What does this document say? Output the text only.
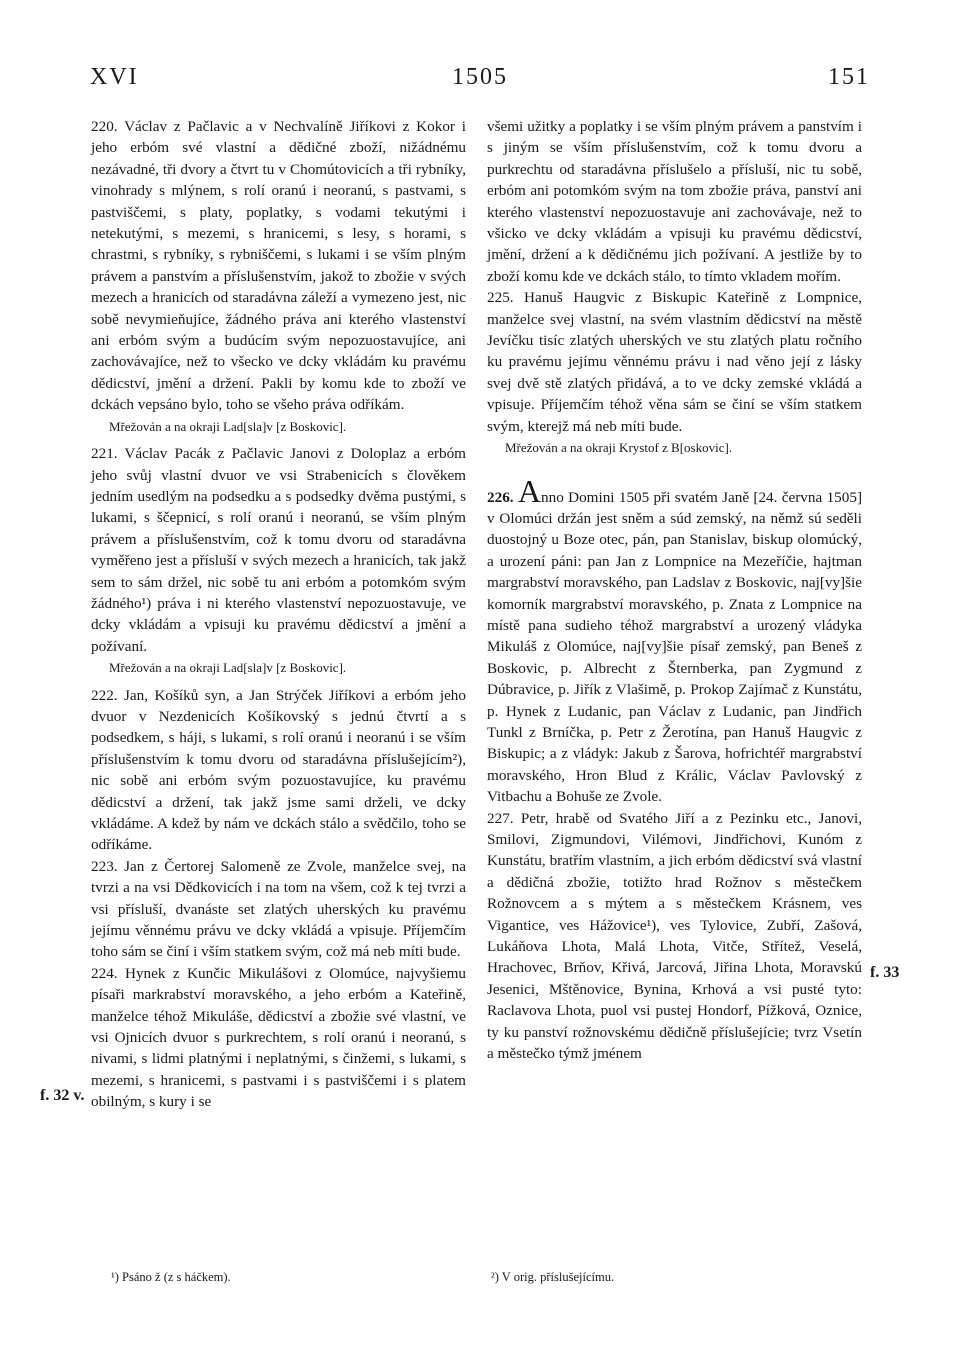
XVI	1505	151

220. Václav z Pačlavic a v Nechvalíně Jiříkovi z Kokor i jeho erbóm své vlastní a dědičné zboží, nižádnému nezávadné, tři dvory a čtvrt tu v Chomútovicích a tři rybníky, vinohrady s mlýnem, s rolí oranú i neoranú, s pastvami, s pastviščemi, s platy, poplatky, s vodami tekutými i netekutými, s mezemi, s hranicemi, s lesy, s horami, s chrastmi, s rybníky, s rybniščemi, s lukami i se vším plným právem a panstvím a příslušenstvím, jakož to zbožie v svých mezech a hranicích od staradávna záleží a vymezeno jest, nic sobě nevymieňujíce, žádného práva ani kterého vlastenství ani erbóm svým a budúcím svým nepozuostavujíce, ani zachovávajíce, než to všecko ve dcky vkládám ku pravému dědicství, jmění a držení. Pakli by komu kde to zboží ve dckách vepsáno bylo, toho se všeho práva odříkám.

Mřežován a na okraji Lad[sla]v [z Boskovic].

221. Václav Pacák z Pačlavic Janovi z Doloplaz a erbóm jeho svůj vlastní dvuor ve vsi Strabenicích s člověkem jedním usedlým na podsedku a s podsedky dvěma pustými, s lukami, s ščepnicí, s rolí oranú i neoranú, se vším plným právem a příslušenstvím, což k tomu dvoru od staradávna vyměřeno jest a přísluší v svých mezech a hranicích, tak jakž sem to sám držel, nic sobě tu ani erbóm a potomkóm svým žádného¹) práva i ni kterého vlastenství nepozuostavuje, ve dcky vkládám a vpisuji ku pravému dědicství a jmění a požívaní.

Mřežován a na okraji Lad[sla]v [z Boskovic].

222. Jan, Košíků syn, a Jan Strýček Jiříkovi a erbóm jeho dvuor v Nezdenicích Košíkovský s jednú čtvrtí a s podsedkem, s háji, s lukami, s rolí oranú i neoranú i se vším příslušenstvím k tomu dvoru od staradávna příslušejícím²), nic sobě ani erbóm svým pozuostavujíce, ku pravému dědicství a držení, tak jakž jsme sami drželi, ve dcky vkládáme. A kdež by nám ve dckách stálo a svědčilo, toho se odříkáme.

223. Jan z Čertorej Salomeně ze Zvole, manželce svej, na tvrzi a na vsi Dědkovicích i na tom na všem, což k tej tvrzi a vsi přísluší, dvanáste set zlatých uherských ku pravému jejímu věnnému právu ve dcky vkládá a vpisuje. Příjemčím toho sám se činí i vším statkem svým, což má neb míti bude.

224. Hynek z Kunčic Mikulášovi z Olomúce, najvyšiemu písaři markrabství moravského, a jeho erbóm a Kateřině, manželce téhož Mikuláše, dědicství a zbožie své vlastní, ve vsi Ojnicích dvuor s purkrechtem, s rolí oranú i neoranú, s nivami, s lidmi platnými i neplatnými, s činžemi, s lukami, s mezemi, s hranicemi, s pastvami i s pastviščemi i s platem obilným, s kury i se

všemi užitky a poplatky i se vším plným právem a panstvím i s jiným se vším příslušenstvím, což k tomu dvoru a purkrechtu od staradávna příslušelo a přísluší, nic tu sobě, erbóm ani potomkóm svým na tom zbožie práva, panství ani kterého vlastenství nepozuostavuje ani zachovávaje, než to všicko ve dcky vkládám a vpisuji ku pravému dědicství, jmění, držení a k dědičnému jich požívaní. A jestliže by to zboží komu kde ve dckách stálo, to tímto vkladem mořím.

225. Hanuš Haugvic z Biskupic Kateřině z Lompnice, manželce svej vlastní, na svém vlastním dědicství na městě Jevíčku tisíc zlatých uherských ve stu zlatých platu ročního ku pravému jejímu věnnému právu i nad věno její z lásky svej dvě stě zlatých přidává, a to ve dcky zemské vkládá a vpisuje. Příjemčím téhož věna sám se činí se vším statkem svým, kterejž má neb míti bude.

Mřežován a na okraji Krystof z B[oskovic].

226. Anno Domini 1505 při svatém Janě [24. června 1505] v Olomúci držán jest sněm a súd zemský, na němž sú seděli duostojný u Boze otec, pán, pan Stanislav, biskup olomúcký, a urození páni: pan Jan z Lompnice na Mezeříčie, hajtman margrabství moravského, pan Ladslav z Boskovic, naj[vy]šie komorník margrabství moravského, p. Znata z Lompnice na místě pana sudieho téhož margrabství a urozený vládyka Mikuláš z Olomúce, naj[vy]šie písař zemský, pan Beneš z Boskovic, p. Albrecht z Šternberka, pan Zygmund z Dúbravice, p. Jiřík z Vlašimě, p. Prokop Zajímač z Kunstátu, p. Hynek z Ludanic, pan Václav z Ludanic, pan Jindřich Tunkl z Brníčka, p. Petr z Žerotína, pan Hanuš Haugvic z Biskupic; a z vládyk: Jakub z Šarova, hofrichtéř margrabství moravského, Hron Blud z Králic, Václav Pavlovský z Vitbachu a Bohuše ze Zvole.

227. Petr, hrabě od Svatého Jiří a z Pezinku etc., Janovi, Smilovi, Zigmundovi, Vilémovi, Jindřichovi, Kunóm z Kunstátu, bratřím vlastním, a jich erbóm dědicství svá vlastní a dědičná zbožie, totižto hrad Rožnov s městečkem Rožnovcem a s mýtem a s městečkem Krásnem, ves Vigantice, ves Hážovice¹), ves Tylovice, Zubří, Zašová, Lukáňova Lhota, Malá Lhota, Vitče, Střítež, Veselá, Hrachovec, Brňov, Křivá, Jarcová, Jiřina Lhota, Moravskú Jesenici, Mštěnovice, Bynina, Krhová a vsi pusté tyto: Raclavova Lhota, puol vsi pustej Hondorf, Pížková, Oznice, ty ku panství rožnovskému dědičně příslušejície; tvrz Vsetín a městečko týmž jménem

f. 32 v.
f. 33
¹) Psáno ž (z s háčkem).	²) V orig. příslušejícímu.
